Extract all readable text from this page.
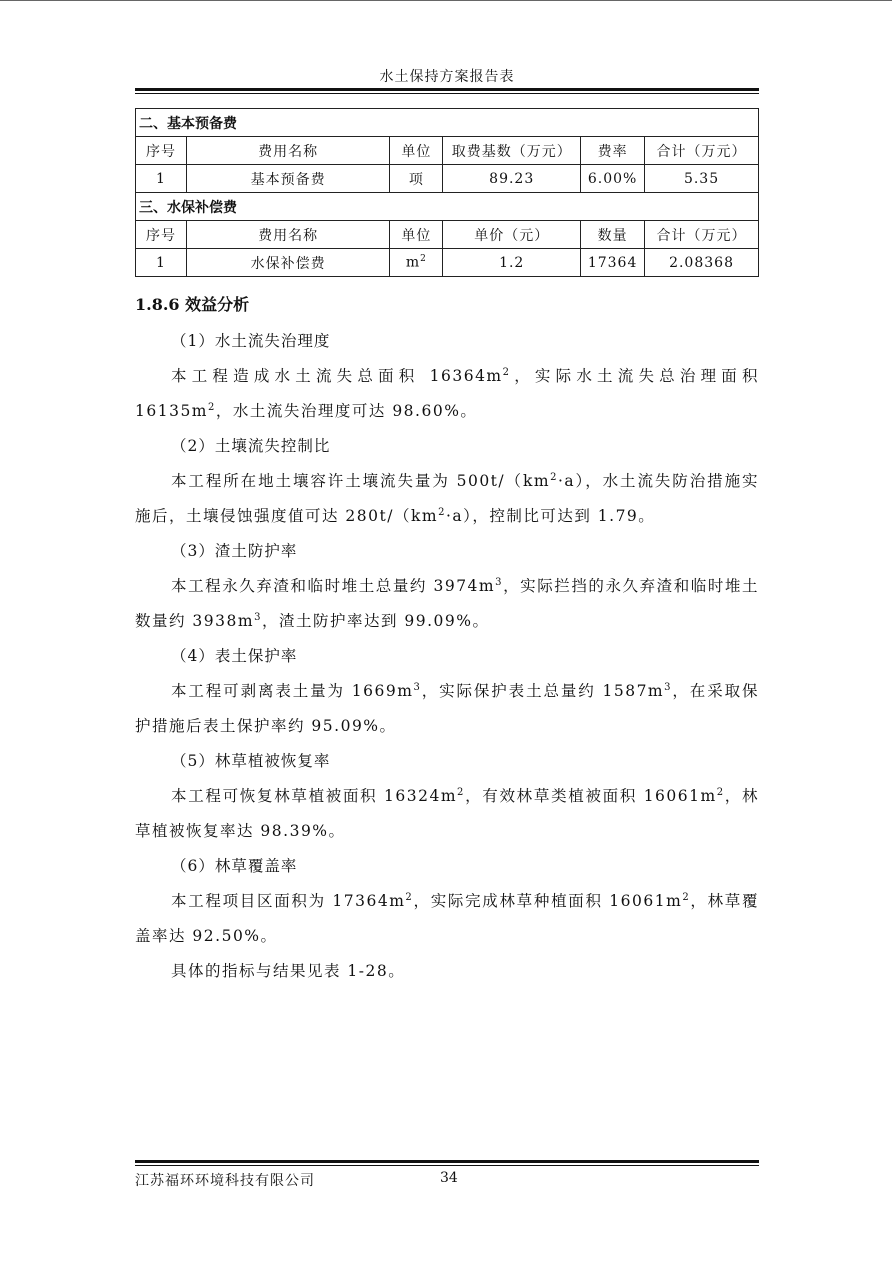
水土保持方案报告表
二、基本预备费					
序号	费用名称	单位	取费基数（万元）	费率	合计（万元）
1	基本预备费	项	89.23	6.00%	5.35
三、水保补偿费					
序号	费用名称	单位	单价（元）	数量	合计（万元）
1	水保补偿费	$m^2$	1.2	17364	2.08368
1.8.6 效益分析
（1）水土流失治理度
本工程造成水土流失总面积 $16364m^2$，实际水土流失总治理面积 $16135m^2$，水土流失治理度可达 98.60%。
（2）土壤流失控制比
本工程所在地土壤容许土壤流失量为 $500t/(km^2\cdot a)$，水土流失防治措施实施后，土壤侵蚀强度值可达 $280t/(km^2\cdot a)$，控制比可达到 1.79。
（3）渣土防护率
本工程永久弃渣和临时堆土总量约 $3974m^3$，实际拦挡的永久弃渣和临时堆土数量约 $3938m^3$，渣土防护率达到 99.09%。
（4）表土保护率
本工程可剥离表土量为 $1669m^3$，实际保护表土总量约 $1587m^3$，在采取保护措施后表土保护率约 95.09%。
（5）林草植被恢复率
本工程可恢复林草植被面积 $16324m^2$，有效林草类植被面积 $16061m^2$，林草植被恢复率达 98.39%。
（6）林草覆盖率
本工程项目区面积为 $17364m^2$，实际完成林草种植面积 $16061m^2$，林草覆盖率达 92.50%。
具体的指标与结果见表 1-28。
江苏福环环境科技有限公司	34
